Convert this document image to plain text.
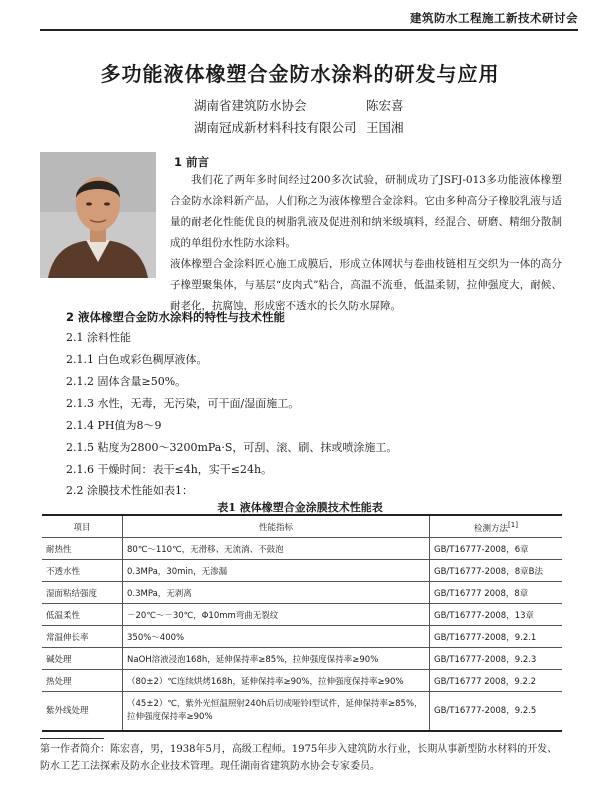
建筑防水工程施工新技术研讨会
多功能液体橡塑合金防水涂料的研发与应用
湖南省建筑防水协会	陈宏喜
湖南冠成新材料科技有限公司 王国湘
1 前言

我们花了两年多时间经过200多次试验，研制成功了JSFJ-013多功能液体橡塑合金防水涂料新产品，人们称之为液体橡塑合金涂料。它由多种高分子橡胶乳液与适量的耐老化性能优良的树脂乳液及促进剂和纳米级填料，经混合、研磨、精细分散制成的单组份水性防水涂料。

液体橡塑合金涂料匠心施工成膜后，形成立体网状与卷曲枝链相互交织为一体的高分子橡塑聚集体，与基层“皮肉式”粘合，高温不流垂，低温柔韧，拉伸强度大，耐候、耐老化，抗腐蚀，形成密不透水的长久防水屏障。

2 液体橡塑合金防水涂料的特性与技术性能
2.1 涂料性能
2.1.1 白色或彩色稠厚液体。
2.1.2 固体含量≥50%。
2.1.3 水性，无毒，无污染，可干面/湿面施工。
2.1.4 PH值为8～9
2.1.5 粘度为2800～3200mPa·S，可刮、滚、刷、抹或喷涂施工。
2.1.6 干燥时间：表干≤4h，实干≤24h。
2.2 涂膜技术性能如表1：
表1 液体橡塑合金涂膜技术性能表
项目	性能指标	检测方法[1]
耐热性	80℃～110℃，无滑移、无流淌、不鼓泡	GB/T16777-2008，6章
不透水性	0.3MPa，30min，无渗漏	GB/T16777-2008，8章B法
湿面粘结强度	0.3MPa，无剥离	GB/T16777 2008，8章
低温柔性	－20℃～－30℃，Φ10mm弯曲无裂纹	GB/T16777-2008，13章
常温伸长率	350%～400%	GB/T16777-2008，9.2.1
碱处理	NaOH溶液浸泡168h，延伸保持率≥85%，拉伸强度保持率≥90%	GB/T16777-2008，9.2.3
热处理	（80±2）℃连续烘烤168h，延伸保持率≥90%，拉伸强度保持率≥90%	GB/T16777 2008，9.2.2
紫外线处理	（45±2）℃，紫外光恒温照射240h后切成哑铃I型试件，延伸保持率≥85%，拉伸强度保持率≥90%	GB/T16777-2008，9.2.5

第一作者简介：陈宏喜，男，1938年5月，高级工程师。1975年步入建筑防水行业，长期从事新型防水材料的开发、防水工艺工法探索及防水企业技术管理。现任湖南省建筑防水协会专家委员。
